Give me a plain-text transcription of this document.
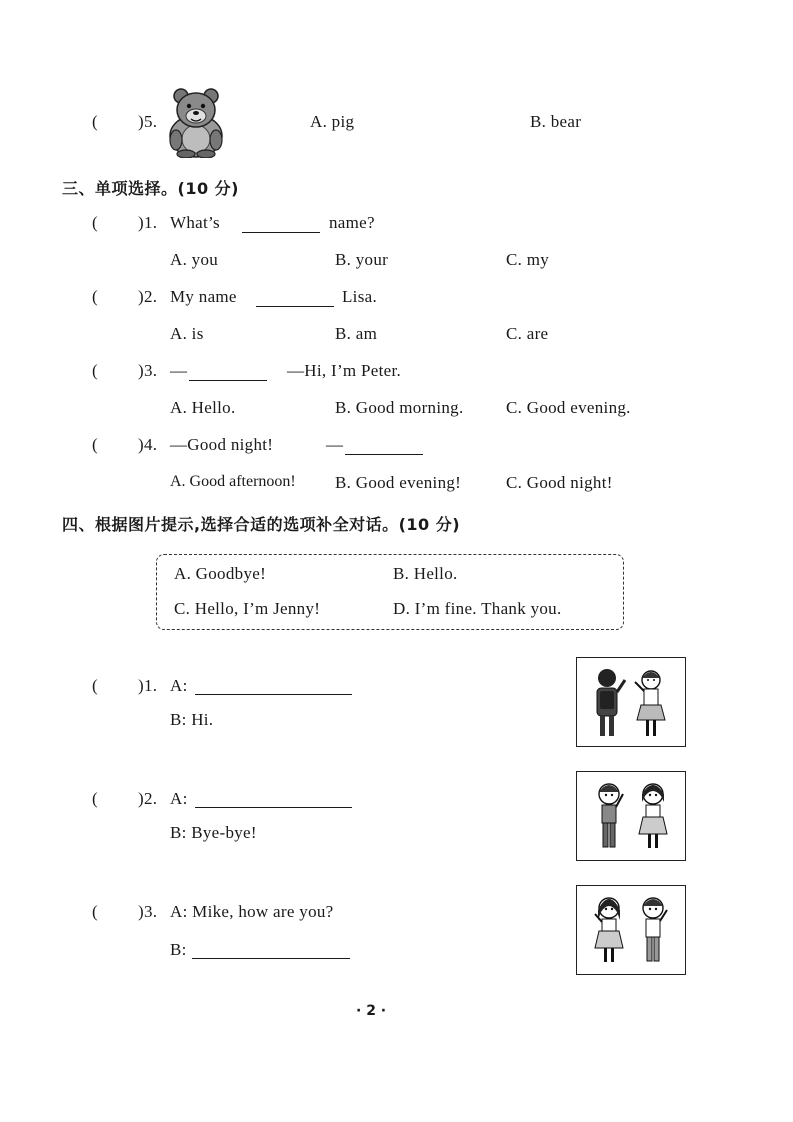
( )5.	A. pig	B. bear
三、单项选择。(10 分)
( )1. What’s	name?
A. you	B. your	C. my
( )2. My name	Lisa.
A. is	B. am	C. are
( )3. —	—Hi, I’m Peter.
A. Hello.	B. Good morning. C. Good evening.
( )4. —Good night!	—
A. Good afternoon! B. Good evening!	C. Good night!
四、根据图片提示,选择合适的选项补全对话。(10 分)
A. Goodbye!	B. Hello.
C. Hello, I’m Jenny!	D. I’m fine. Thank you.
( )1. A:
B: Hi.
( )2. A:
B: Bye-bye!
( )3. A: Mike, how are you?
B:
· 2 ·
